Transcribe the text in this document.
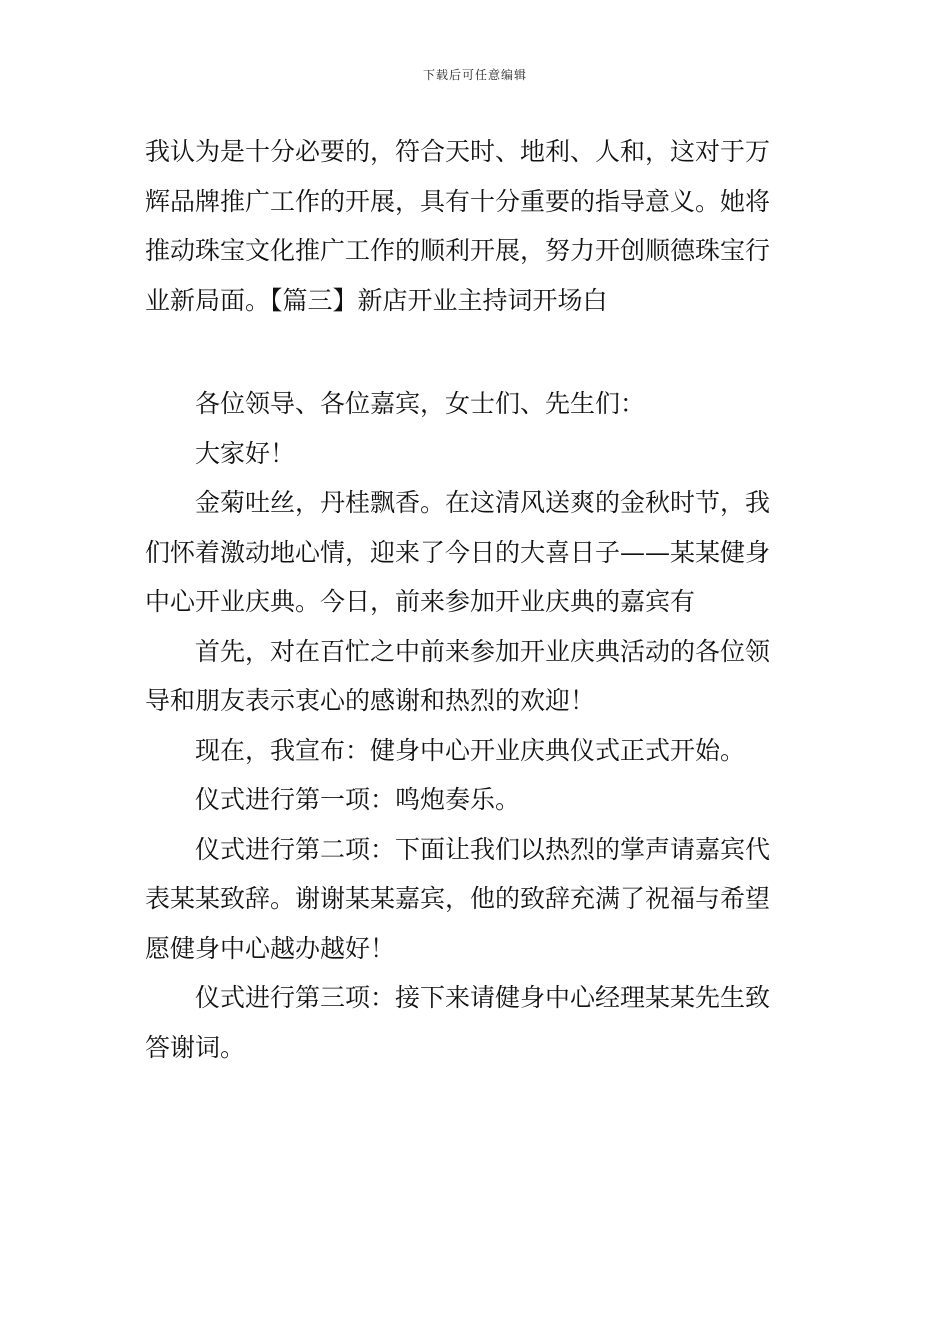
下载后可任意编辑
我认为是十分必要的，符合天时、地利、人和，这对于万
辉品牌推广工作的开展，具有十分重要的指导意义。她将
推动珠宝文化推广工作的顺利开展，努力开创顺德珠宝行
业新局面。【篇三】新店开业主持词开场白
各位领导、各位嘉宾，女士们、先生们：
大家好！
金菊吐丝，丹桂飘香。在这清风送爽的金秋时节，我
们怀着激动地心情，迎来了今日的大喜日子——某某健身
中心开业庆典。今日，前来参加开业庆典的嘉宾有
首先，对在百忙之中前来参加开业庆典活动的各位领
导和朋友表示衷心的感谢和热烈的欢迎！
现在，我宣布：健身中心开业庆典仪式正式开始。
仪式进行第一项：鸣炮奏乐。
仪式进行第二项：下面让我们以热烈的掌声请嘉宾代
表某某致辞。谢谢某某嘉宾，他的致辞充满了祝福与希望
愿健身中心越办越好！
仪式进行第三项：接下来请健身中心经理某某先生致
答谢词。
